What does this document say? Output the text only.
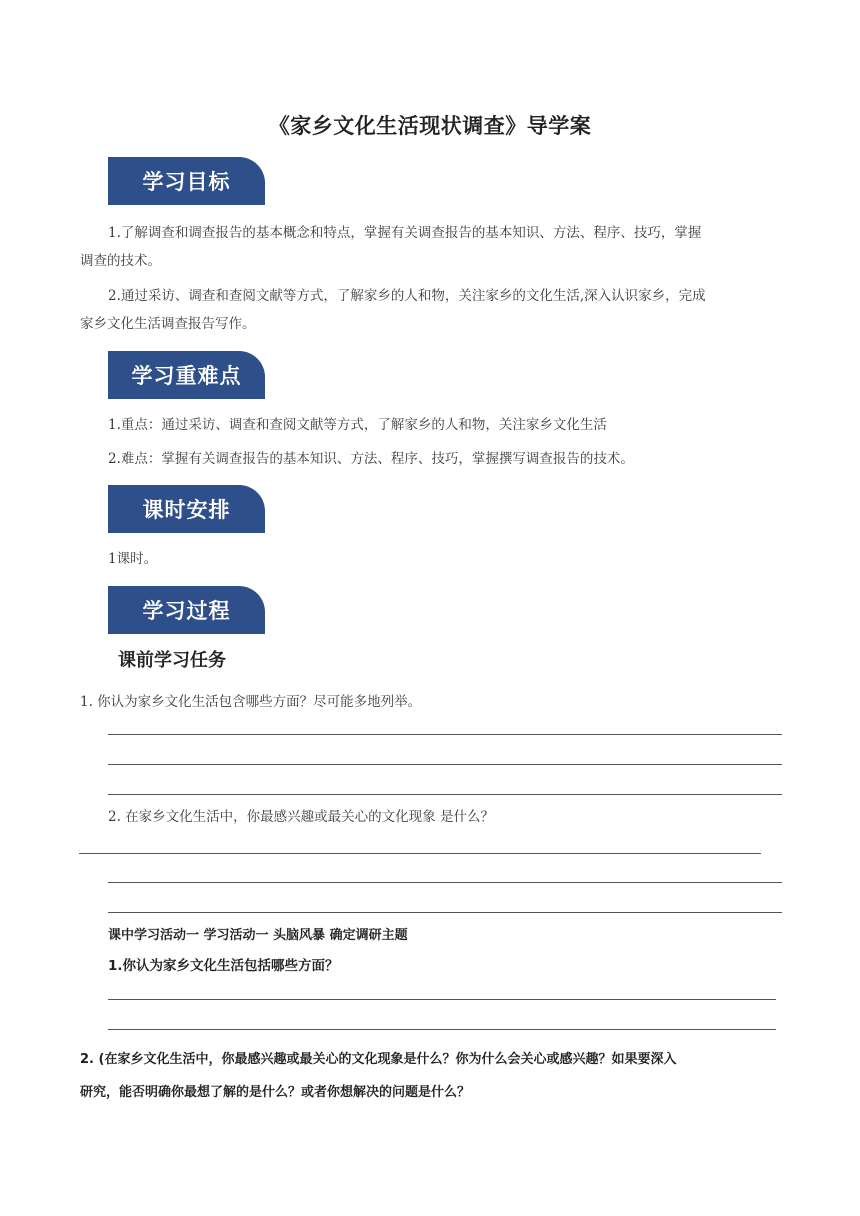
《家乡文化生活现状调查》导学案
学习目标

1.了解调查和调查报告的基本概念和特点，掌握有关调查报告的基本知识、方法、程序、技巧，掌握

调查的技术。

2.通过采访、调查和查阅文献等方式，了解家乡的人和物，关注家乡的文化生活,深入认识家乡，完成

家乡文化生活调查报告写作。

学习重难点

1.重点：通过采访、调查和查阅文献等方式，了解家乡的人和物，关注家乡文化生活

2.难点：掌握有关调查报告的基本知识、方法、程序、技巧，掌握撰写调查报告的技术。

课时安排

1课时。

学习过程

课前学习任务

1. 你认为家乡文化生活包含哪些方面？尽可能多地列举。

2. 在家乡文化生活中，你最感兴趣或最关心的文化现象 是什么？

课中学习活动一 学习活动一 头脑风暴 确定调研主题

1.你认为家乡文化生活包括哪些方面？

2. (在家乡文化生活中，你最感兴趣或最关心的文化现象是什么？你为什么会关心或感兴趣？如果要深入

研究，能否明确你最想了解的是什么？或者你想解决的问题是什么？
